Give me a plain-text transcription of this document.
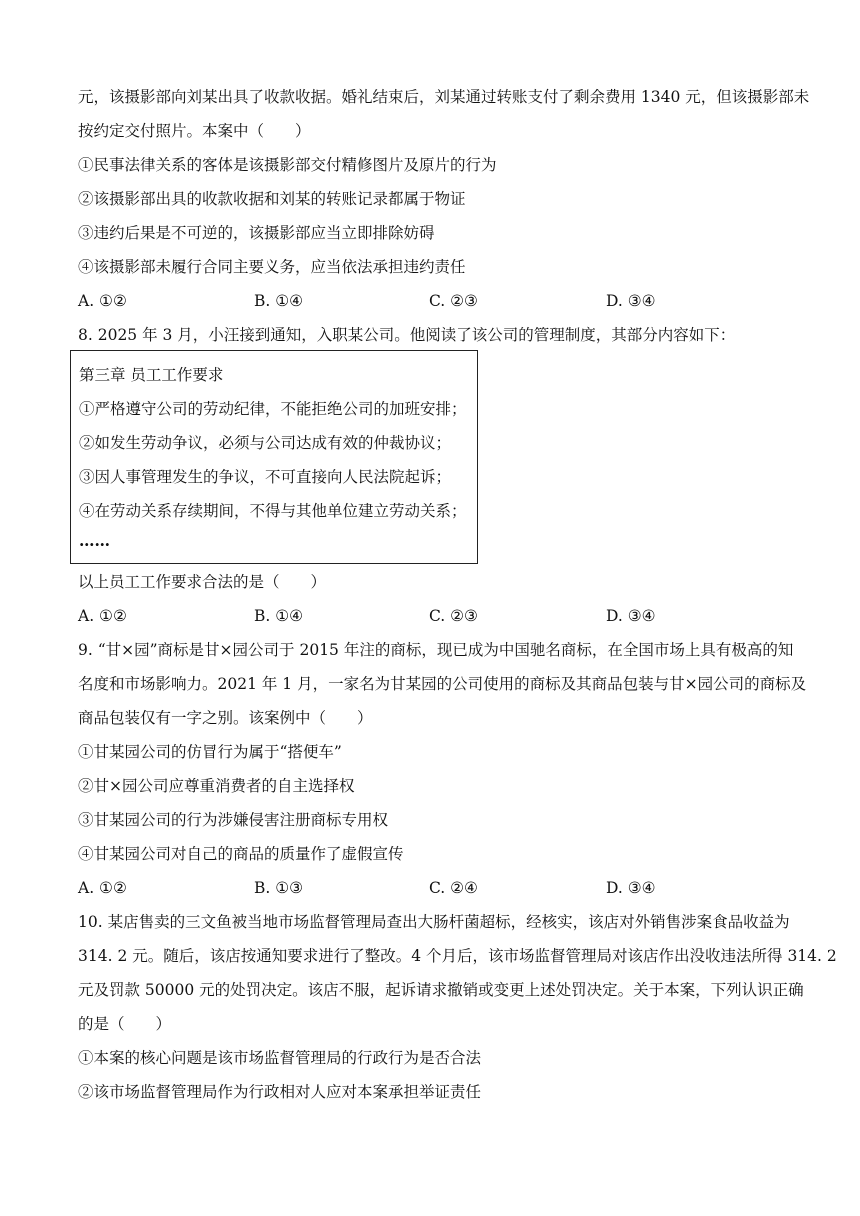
元，该摄影部向刘某出具了收款收据。婚礼结束后，刘某通过转账支付了剩余费用 1340 元，但该摄影部未
按约定交付照片。本案中（　　）
①民事法律关系的客体是该摄影部交付精修图片及原片的行为
②该摄影部出具的收款收据和刘某的转账记录都属于物证
③违约后果是不可逆的，该摄影部应当立即排除妨碍
④该摄影部未履行合同主要义务，应当依法承担违约责任
A. ①②	B. ①④	C. ②③	D. ③④
8. 2025 年 3 月，小汪接到通知，入职某公司。他阅读了该公司的管理制度，其部分内容如下：
第三章 员工工作要求
①严格遵守公司的劳动纪律，不能拒绝公司的加班安排；
②如发生劳动争议，必须与公司达成有效的仲裁协议；
③因人事管理发生的争议，不可直接向人民法院起诉；
④在劳动关系存续期间，不得与其他单位建立劳动关系；
……
以上员工工作要求合法的是（　　）
A. ①②	B. ①④	C. ②③	D. ③④
9. “甘×园”商标是甘×园公司于 2015 年注的商标，现已成为中国驰名商标，在全国市场上具有极高的知
名度和市场影响力。2021 年 1 月，一家名为甘某园的公司使用的商标及其商品包装与甘×园公司的商标及
商品包装仅有一字之别。该案例中（　　）
①甘某园公司的仿冒行为属于“搭便车”
②甘×园公司应尊重消费者的自主选择权
③甘某园公司的行为涉嫌侵害注册商标专用权
④甘某园公司对自己的商品的质量作了虚假宣传
A. ①②	B. ①③	C. ②④	D. ③④
10. 某店售卖的三文鱼被当地市场监督管理局查出大肠杆菌超标，经核实，该店对外销售涉案食品收益为
314. 2 元。随后，该店按通知要求进行了整改。4 个月后，该市场监督管理局对该店作出没收违法所得 314. 2
元及罚款 50000 元的处罚决定。该店不服，起诉请求撤销或变更上述处罚决定。关于本案，下列认识正确
的是（　　）
①本案的核心问题是该市场监督管理局的行政行为是否合法
②该市场监督管理局作为行政相对人应对本案承担举证责任
